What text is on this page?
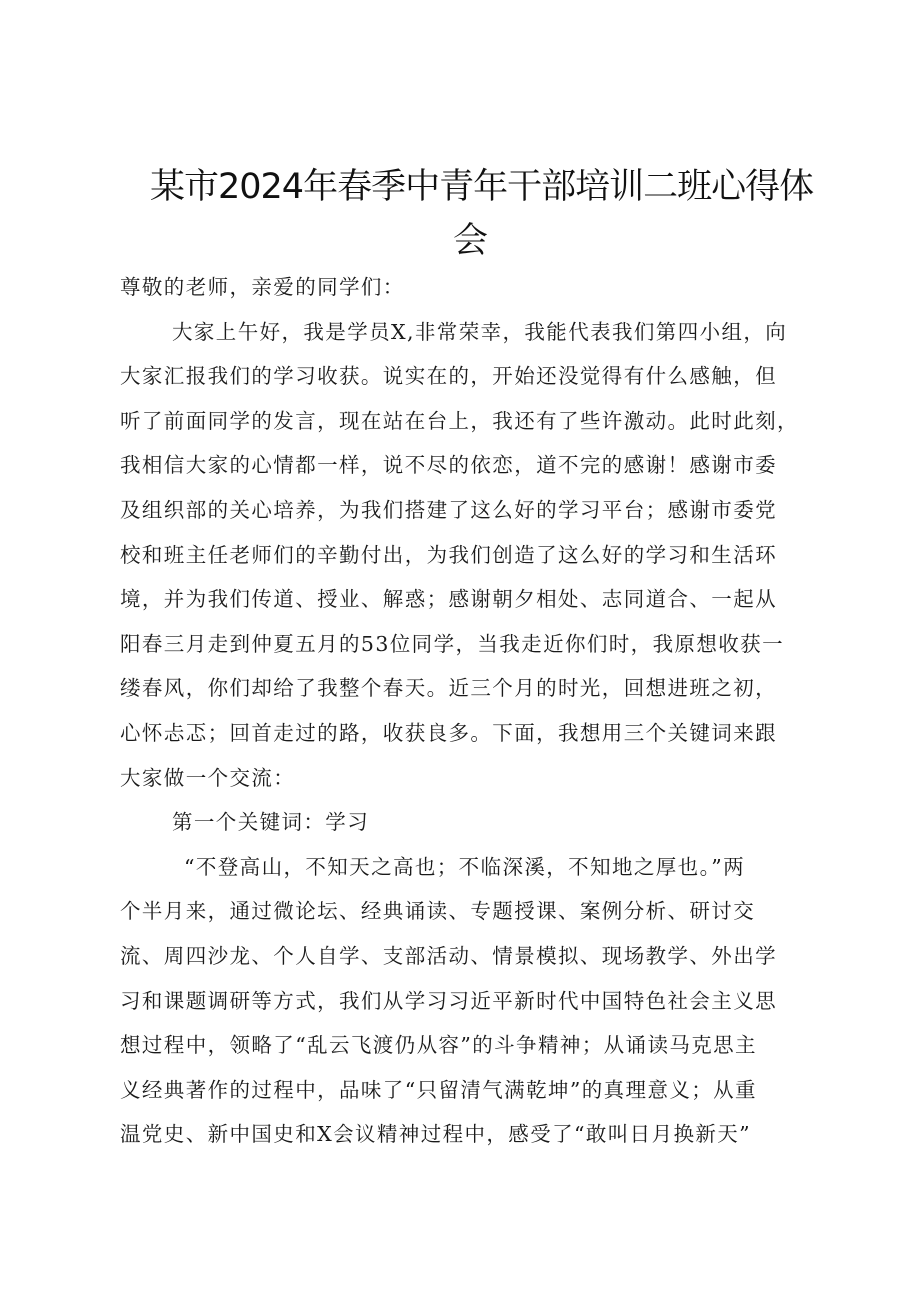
某市2024年春季中青年干部培训二班心得体
会
尊敬的老师，亲爱的同学们：
大家上午好，我是学员X,非常荣幸，我能代表我们第四小组，向
大家汇报我们的学习收获。说实在的，开始还没觉得有什么感触，但
听了前面同学的发言，现在站在台上，我还有了些许激动。此时此刻，
我相信大家的心情都一样，说不尽的依恋，道不完的感谢！感谢市委
及组织部的关心培养，为我们搭建了这么好的学习平台；感谢市委党
校和班主任老师们的辛勤付出，为我们创造了这么好的学习和生活环
境，并为我们传道、授业、解惑；感谢朝夕相处、志同道合、一起从
阳春三月走到仲夏五月的53位同学，当我走近你们时，我原想收获一
缕春风，你们却给了我整个春天。近三个月的时光，回想进班之初，
心怀忐忑；回首走过的路，收获良多。下面，我想用三个关键词来跟
大家做一个交流：
第一个关键词：学习
“不登高山，不知天之高也；不临深溪，不知地之厚也。”两
个半月来，通过微论坛、经典诵读、专题授课、案例分析、研讨交
流、周四沙龙、个人自学、支部活动、情景模拟、现场教学、外出学
习和课题调研等方式，我们从学习习近平新时代中国特色社会主义思
想过程中，领略了“乱云飞渡仍从容”的斗争精神；从诵读马克思主
义经典著作的过程中，品味了“只留清气满乾坤”的真理意义；从重
温党史、新中国史和X会议精神过程中，感受了“敢叫日月换新天”
